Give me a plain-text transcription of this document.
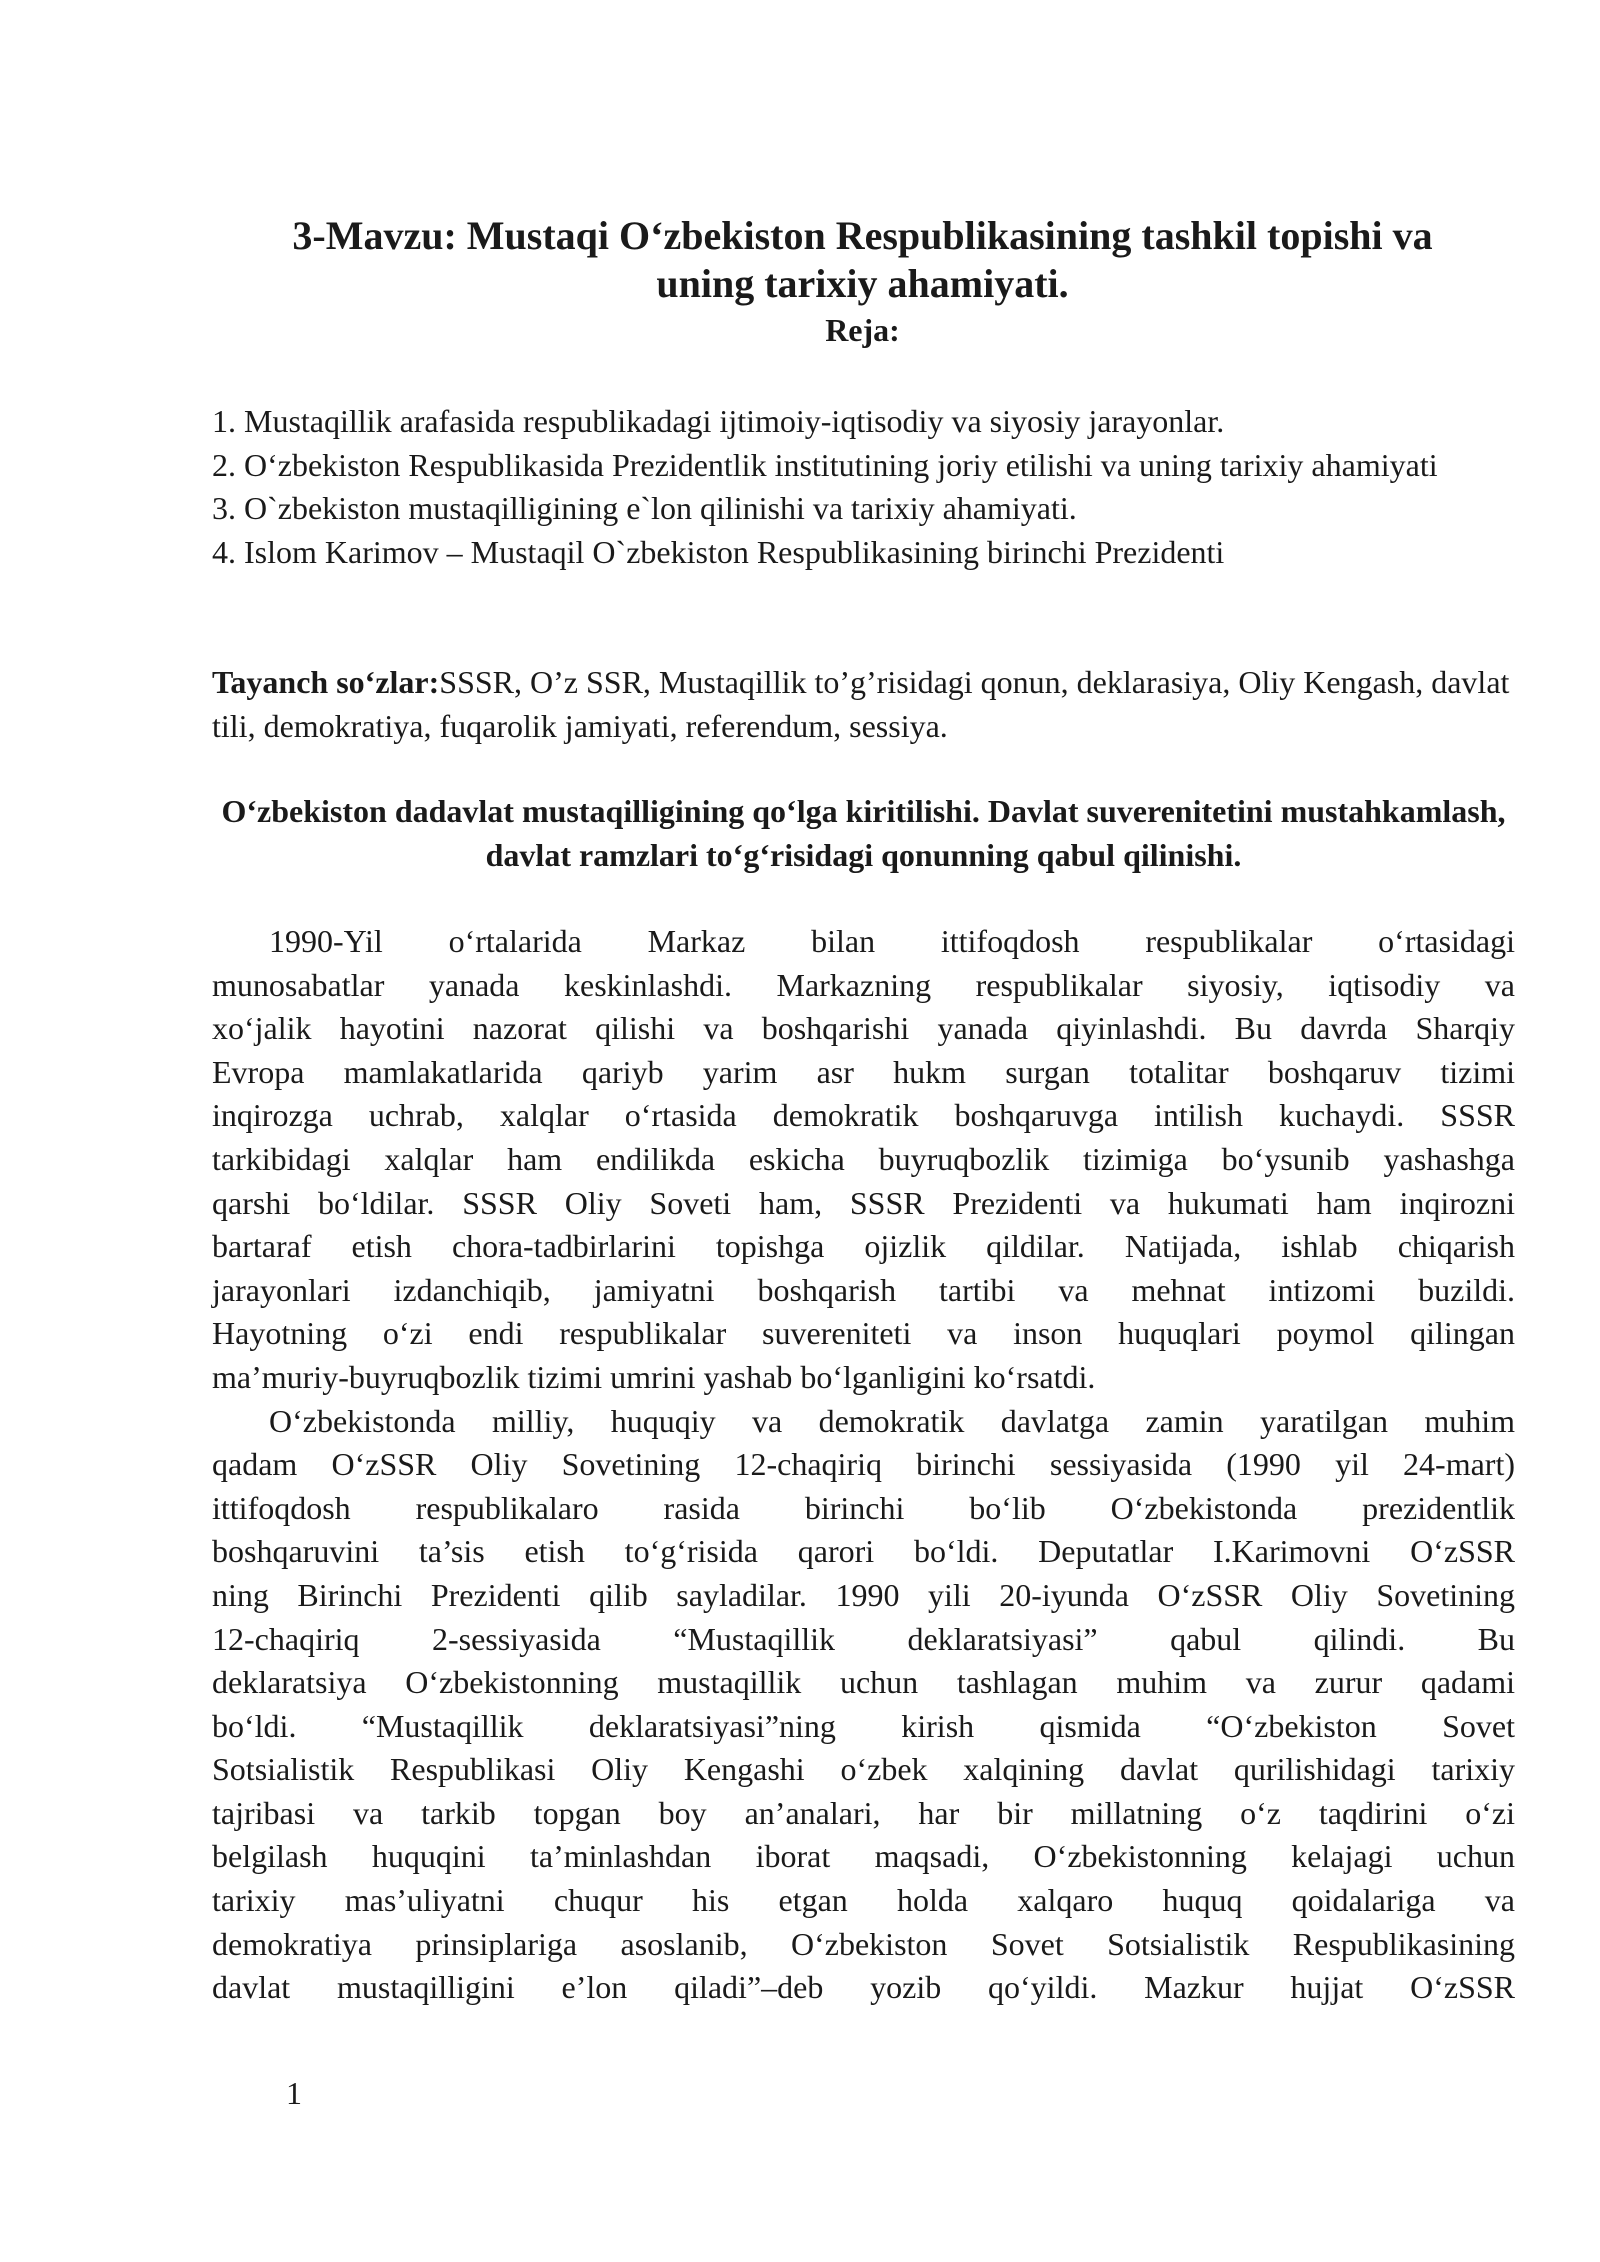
3-Mavzu: Mustaqi O‘zbekiston Respublikasining tashkil topishi va

uning tarixiy ahamiyati.

Reja:

1. Mustaqillik arafasida respublikadagi ijtimoiy-iqtisodiy va siyosiy jarayonlar.
2. O‘zbekiston Respublikasida Prezidentlik institutining joriy etilishi va uning tarixiy ahamiyati
3. O`zbekiston mustaqilligining e`lon qilinishi va tarixiy ahamiyati.
4. Islom Karimov – Mustaqil O`zbekiston Respublikasining birinchi Prezidenti

Tayanch so‘zlar:SSSR, O’z SSR, Mustaqillik to’g’risidagi qonun, deklarasiya, Oliy Kengash, davlat tili, demokratiya, fuqarolik jamiyati, referendum, sessiya.

O‘zbekiston dadavlat mustaqilligining qo‘lga kiritilishi. Davlat suverenitetini mustahkamlash, davlat ramzlari to‘g‘risidagi qonunning qabul qilinishi.
1990-Yil o‘rtalarida Markaz bilan ittifoqdosh respublikalar o‘rtasidagi
munosabatlar yanada keskinlashdi. Markazning respublikalar siyosiy, iqtisodiy va
xo‘jalik hayotini nazorat qilishi va boshqarishi yanada qiyinlashdi. Bu davrda Sharqiy
Evropa mamlakatlarida qariyb yarim asr hukm surgan totalitar boshqaruv tizimi
inqirozga uchrab, xalqlar o‘rtasida demokratik boshqaruvga intilish kuchaydi. SSSR
tarkibidagi xalqlar ham endilikda eskicha buyruqbozlik tizimiga bo‘ysunib yashashga
qarshi bo‘ldilar. SSSR Oliy Soveti ham, SSSR Prezidenti va hukumati ham inqirozni
bartaraf etish chora-tadbirlarini topishga ojizlik qildilar. Natijada, ishlab chiqarish
jarayonlari izdanchiqib, jamiyatni boshqarish tartibi va mehnat intizomi buzildi.
Hayotning o‘zi endi respublikalar suvereniteti va inson huquqlari poymol qilingan
ma’muriy-buyruqbozlik tizimi umrini yashab bo‘lganligini ko‘rsatdi.
O‘zbekistonda milliy, huquqiy va demokratik davlatga zamin yaratilgan muhim
qadam O‘zSSR Oliy Sovetining 12-chaqiriq birinchi sessiyasida (1990 yil 24-mart)
ittifoqdosh respublikalaro rasida birinchi bo‘lib O‘zbekistonda prezidentlik
boshqaruvini ta’sis etish to‘g‘risida qarori bo‘ldi. Deputatlar I.Karimovni O‘zSSR
ning Birinchi Prezidenti qilib sayladilar. 1990 yili 20-iyunda O‘zSSR Oliy Sovetining
12-chaqiriq 2-sessiyasida “Mustaqillik deklaratsiyasi” qabul qilindi. Bu
deklaratsiya O‘zbekistonning mustaqillik uchun tashlagan muhim va zurur qadami
bo‘ldi. “Mustaqillik deklaratsiyasi”ning kirish qismida “O‘zbekiston Sovet
Sotsialistik Respublikasi Oliy Kengashi o‘zbek xalqining davlat qurilishidagi tarixiy
tajribasi va tarkib topgan boy an’analari, har bir millatning o‘z taqdirini o‘zi
belgilash huquqini ta’minlashdan iborat maqsadi, O‘zbekistonning kelajagi uchun
tarixiy mas’uliyatni chuqur his etgan holda xalqaro huquq qoidalariga va
demokratiya prinsiplariga asoslanib, O‘zbekiston Sovet Sotsialistik Respublikasining
davlat mustaqilligini e’lon qiladi”–deb yozib qo‘yildi. Mazkur hujjat O‘zSSR
1
